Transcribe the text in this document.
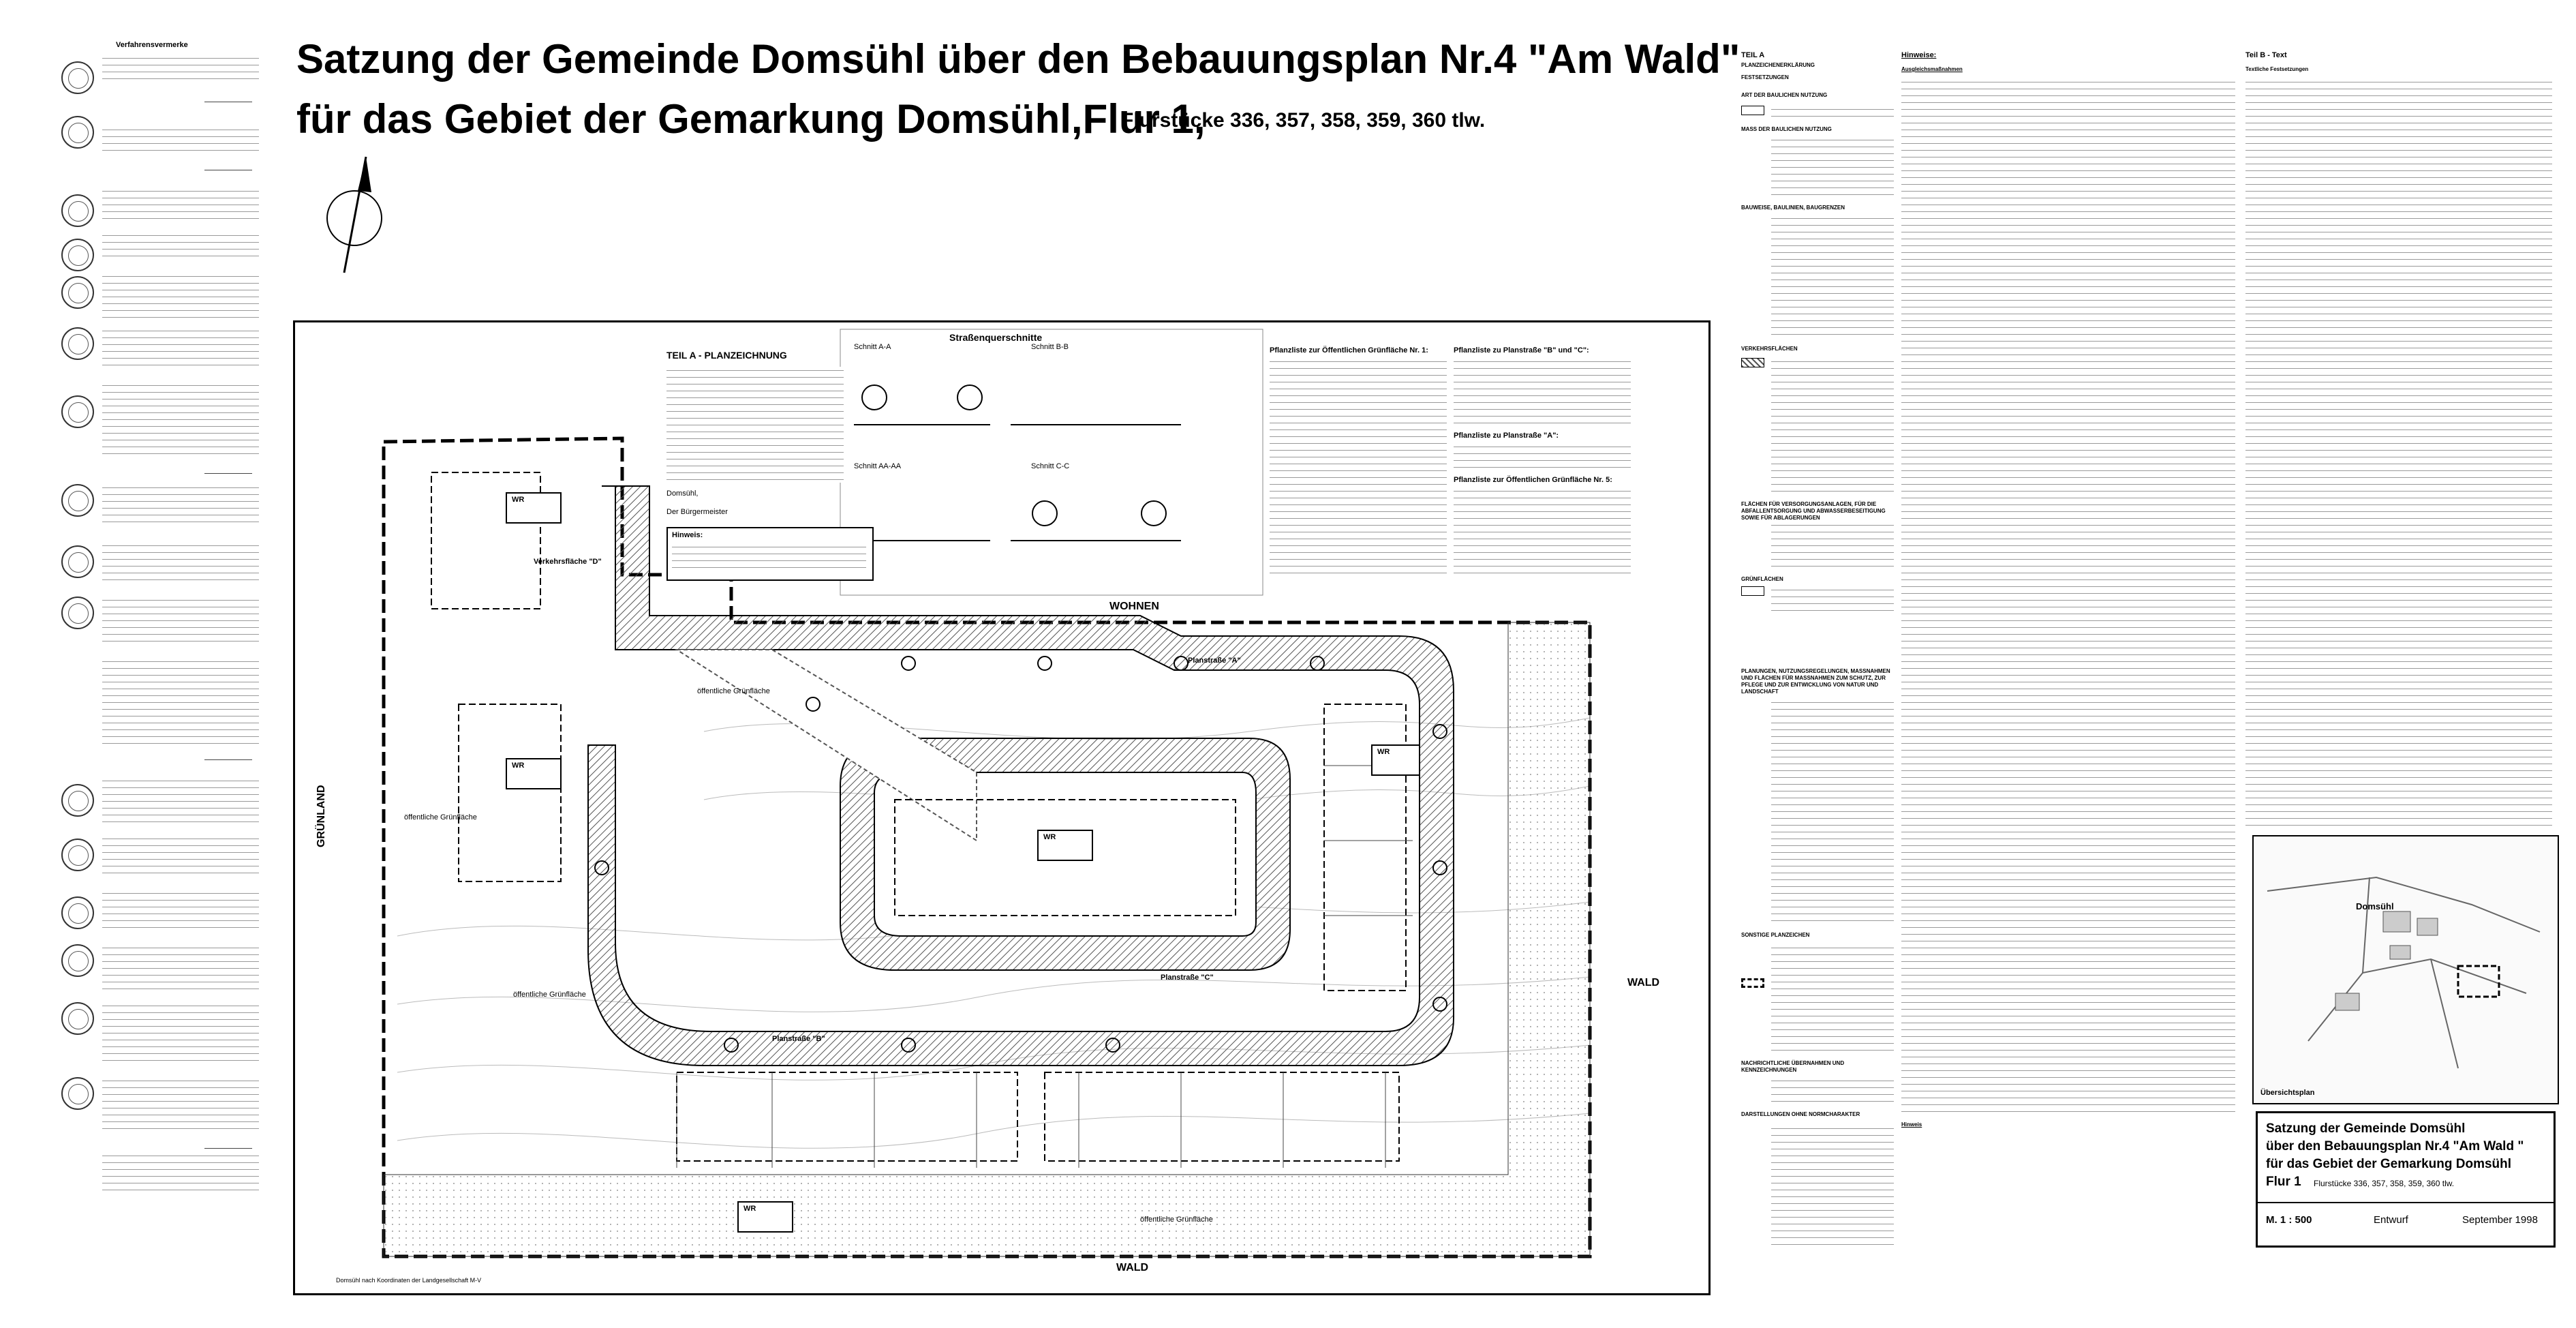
Satzung der Gemeinde Domsühl über den Bebauungsplan Nr.4 "Am Wald"
für das Gebiet der Gemarkung Domsühl,Flur 1,
Flurstücke 336, 357, 358, 359, 360 tlw.
Verfahrensvermerke
TEIL A - PLANZEICHNUNG
Domsühl,
Der Bürgermeister
Hinweis:
Straßenquerschnitte
Schnitt A-A	Schnitt B-B
Schnitt AA-AA	Schnitt C-C
Pflanzliste zur Öffentlichen Grünfläche Nr. 1:	Pflanzliste zu Planstraße "B" und "C":
Pflanzliste zu Planstraße "A":
Pflanzliste zur Öffentlichen Grünfläche Nr. 5:
WOHNEN
GRÜNLAND
WALD
WALD
Verkehrsfläche "D"
Planstraße "A"
Planstraße "B"
Planstraße "C"
öffentliche Grünfläche
öffentliche Grünfläche
öffentliche Grünfläche
öffentliche Grünfläche
WR
WR
WR
WR
WR
Domsühl nach Koordinaten der Landgesellschaft M-V
TEIL A
PLANZEICHENERKLÄRUNG
FESTSETZUNGEN
ART DER BAULICHEN NUTZUNG
MASS DER BAULICHEN NUTZUNG
BAUWEISE, BAULINIEN, BAUGRENZEN
VERKEHRSFLÄCHEN
FLÄCHEN FÜR VERSORGUNGSANLAGEN, FÜR DIE ABFALLENTSORGUNG UND ABWASSERBESEITIGUNG SOWIE FÜR ABLAGERUNGEN
GRÜNFLÄCHEN
PLANUNGEN, NUTZUNGSREGELUNGEN, MASSNAHMEN UND FLÄCHEN FÜR MASSNAHMEN ZUM SCHUTZ, ZUR PFLEGE UND ZUR ENTWICKLUNG VON NATUR UND LANDSCHAFT
SONSTIGE PLANZEICHEN
NACHRICHTLICHE ÜBERNAHMEN UND KENNZEICHNUNGEN
DARSTELLUNGEN OHNE NORMCHARAKTER
Hinweise:
Ausgleichsmaßnahmen
Hinweis
Teil B - Text
Textliche Festsetzungen
Domsühl
Übersichtsplan
Satzung der Gemeinde Domsühl
über den Bebauungsplan Nr.4 "Am Wald "
für das Gebiet der Gemarkung Domsühl
Flur 1 Flurstücke 336, 357, 358, 359, 360 tlw.
M. 1 : 500	Entwurf	September 1998
